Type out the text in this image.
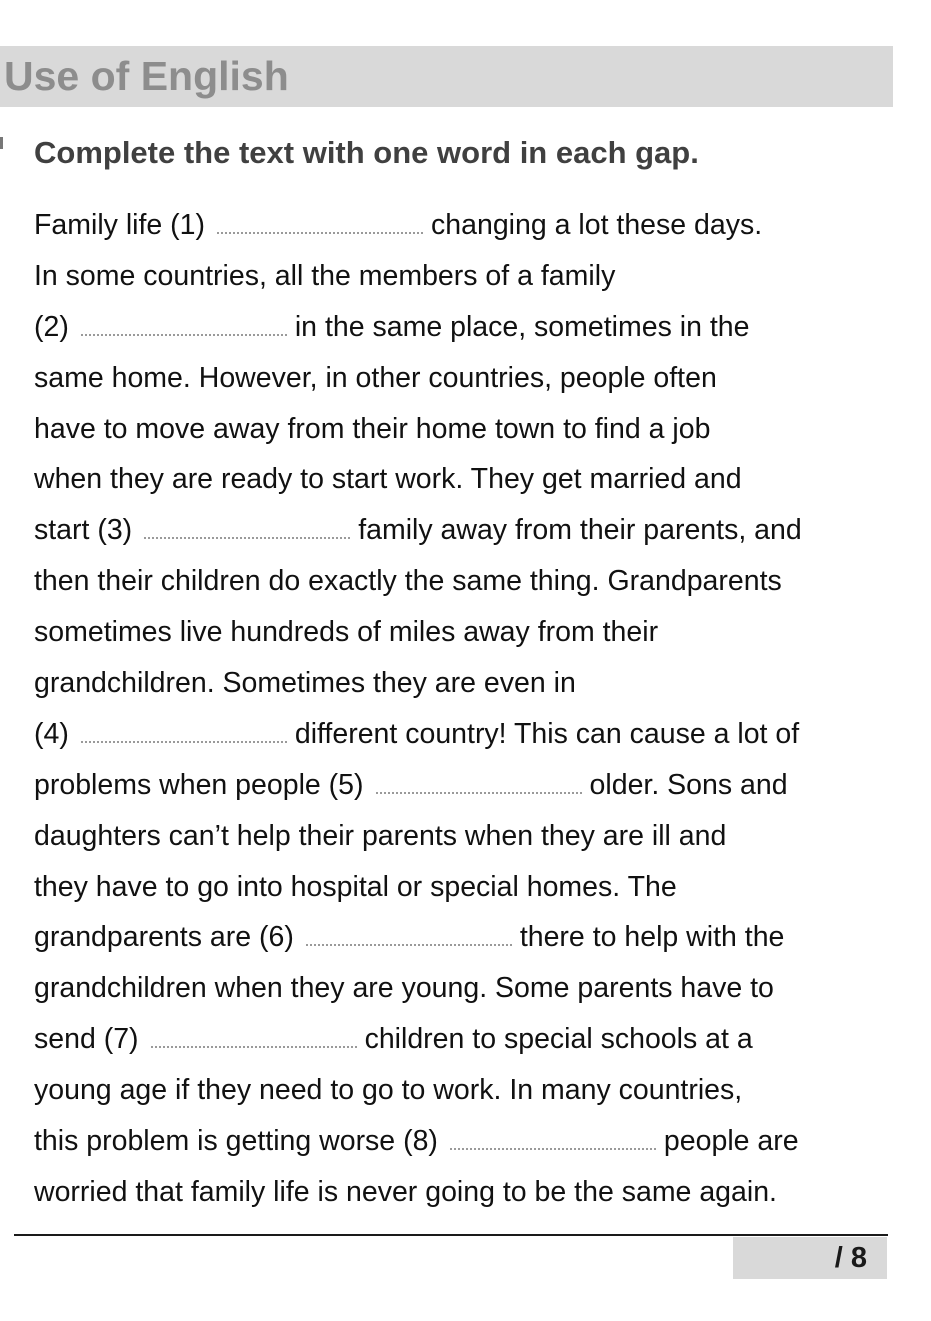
Use of English
Complete the text with one word in each gap.
Family life (1)	changing a lot these days.
In some countries, all the members of a family
(2)	in the same place, sometimes in the
same home. However, in other countries, people often
have to move away from their home town to find a job
when they are ready to start work. They get married and
start (3)	family away from their parents, and
then their children do exactly the same thing. Grandparents
sometimes live hundreds of miles away from their
grandchildren. Sometimes they are even in
(4)	different country! This can cause a lot of
problems when people (5)	older. Sons and
daughters can’t help their parents when they are ill and
they have to go into hospital or special homes. The
grandparents are (6)	there to help with the
grandchildren when they are young. Some parents have to
send (7)	children to special schools at a
young age if they need to go to work. In many countries,
this problem is getting worse (8)	people are
worried that family life is never going to be the same again.
/ 8
